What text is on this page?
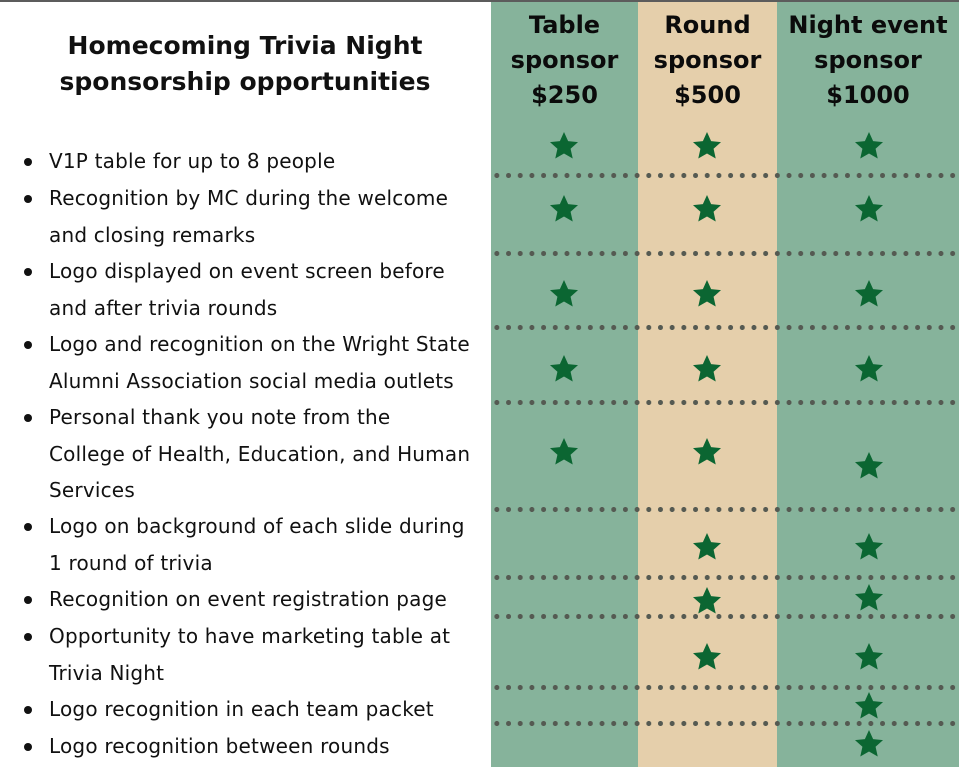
Homecoming Trivia Night
sponsorship opportunities
Table
sponsor
$250
Round
sponsor
$500
Night event
sponsor
$1000
V1P table for up to 8 people
Recognition by MC during the welcome
and closing remarks
Logo displayed on event screen before
and after trivia rounds
Logo and recognition on the Wright State
Alumni Association social media outlets
Personal thank you note from the
College of Health, Education, and Human
Services
Logo on background of each slide during
1 round of trivia
Recognition on event registration page
Opportunity to have marketing table at
Trivia Night
Logo recognition in each team packet
Logo recognition between rounds
